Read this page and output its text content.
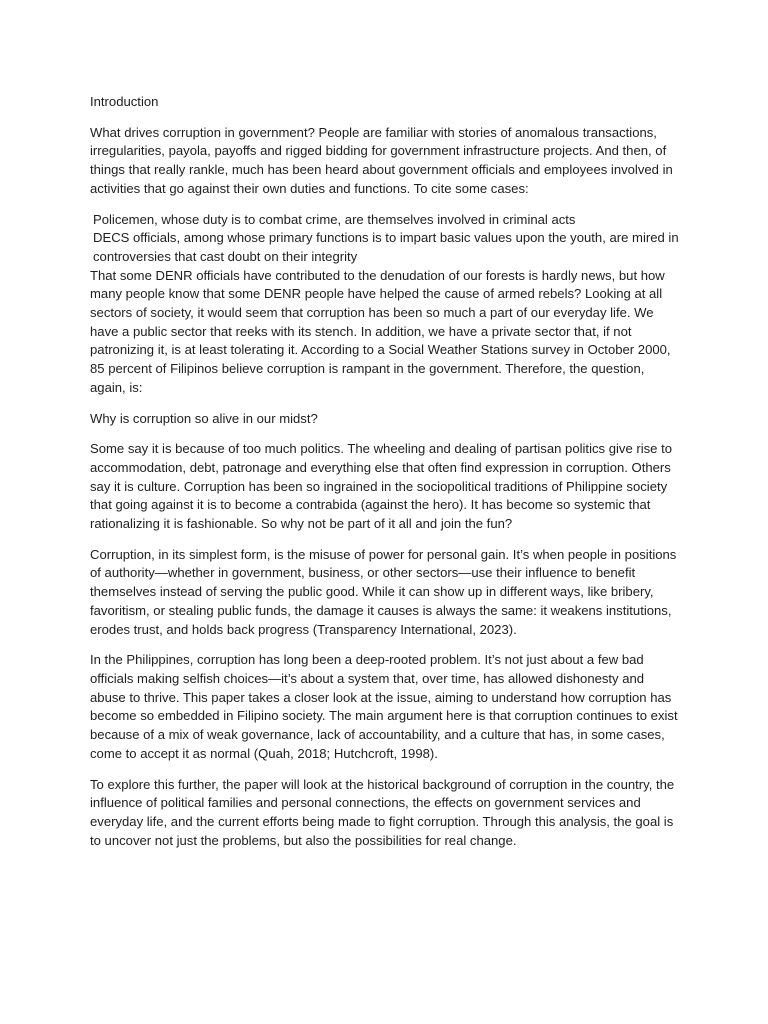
Introduction

What drives corruption in government? People are familiar with stories of anomalous transactions, irregularities, payola, payoffs and rigged bidding for government infrastructure projects. And then, of things that really rankle, much has been heard about government officials and employees involved in activities that go against their own duties and functions. To cite some cases:

Policemen, whose duty is to combat crime, are themselves involved in criminal acts
DECS officials, among whose primary functions is to impart basic values upon the youth, are mired in controversies that cast doubt on their integrity

That some DENR officials have contributed to the denudation of our forests is hardly news, but how many people know that some DENR people have helped the cause of armed rebels? Looking at all sectors of society, it would seem that corruption has been so much a part of our everyday life. We have a public sector that reeks with its stench. In addition, we have a private sector that, if not patronizing it, is at least tolerating it. According to a Social Weather Stations survey in October 2000, 85 percent of Filipinos believe corruption is rampant in the government. Therefore, the question, again, is:

Why is corruption so alive in our midst?

Some say it is because of too much politics. The wheeling and dealing of partisan politics give rise to accommodation, debt, patronage and everything else that often find expression in corruption. Others say it is culture. Corruption has been so ingrained in the sociopolitical traditions of Philippine society that going against it is to become a contrabida (against the hero). It has become so systemic that rationalizing it is fashionable. So why not be part of it all and join the fun?

Corruption, in its simplest form, is the misuse of power for personal gain. It’s when people in positions of authority—whether in government, business, or other sectors—use their influence to benefit themselves instead of serving the public good. While it can show up in different ways, like bribery, favoritism, or stealing public funds, the damage it causes is always the same: it weakens institutions, erodes trust, and holds back progress (Transparency International, 2023).

In the Philippines, corruption has long been a deep-rooted problem. It’s not just about a few bad officials making selfish choices—it’s about a system that, over time, has allowed dishonesty and abuse to thrive. This paper takes a closer look at the issue, aiming to understand how corruption has become so embedded in Filipino society. The main argument here is that corruption continues to exist because of a mix of weak governance, lack of accountability, and a culture that has, in some cases, come to accept it as normal (Quah, 2018; Hutchcroft, 1998).

To explore this further, the paper will look at the historical background of corruption in the country, the influence of political families and personal connections, the effects on government services and everyday life, and the current efforts being made to fight corruption. Through this analysis, the goal is to uncover not just the problems, but also the possibilities for real change.
